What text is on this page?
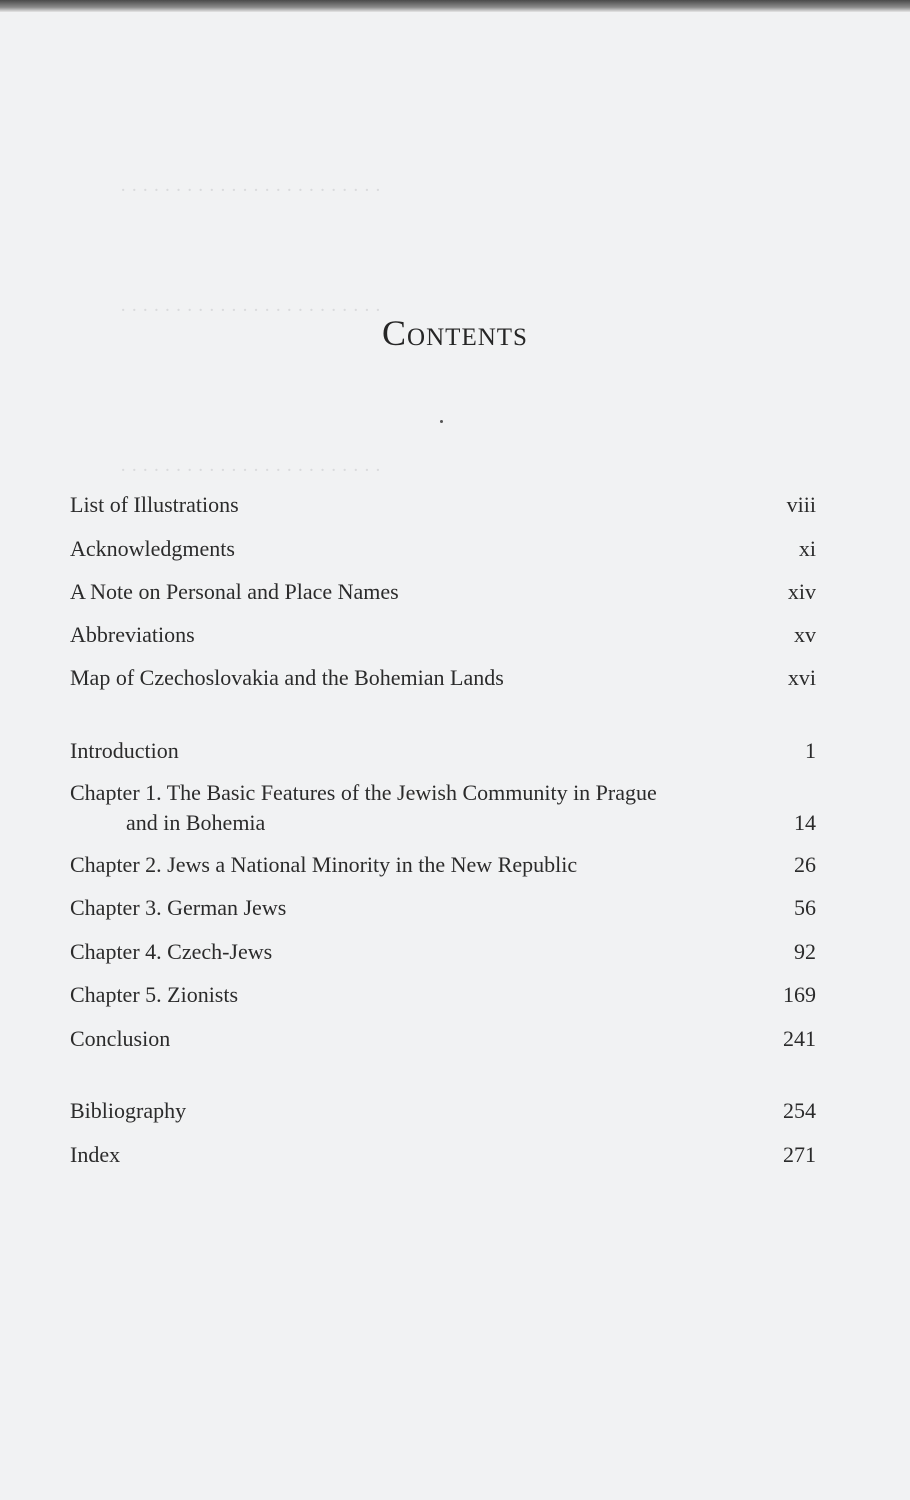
· · · · · · · · · · · · · · · · · · · · · · · ·
· · · · · · · · · · · · · · · · · · · · · · · ·
· · · · · · · · · · · · · · · · · · · · · · · ·
Contents
List of Illustrations	viii
Acknowledgments	xi
A Note on Personal and Place Names	xiv
Abbreviations	xv
Map of Czechoslovakia and the Bohemian Lands	xvi
Introduction	1
Chapter 1. The Basic Features of the Jewish Community in Prague
and in Bohemia	14
Chapter 2. Jews a National Minority in the New Republic	26
Chapter 3. German Jews	56
Chapter 4. Czech-Jews	92
Chapter 5. Zionists	169
Conclusion	241
Bibliography	254
Index	271
